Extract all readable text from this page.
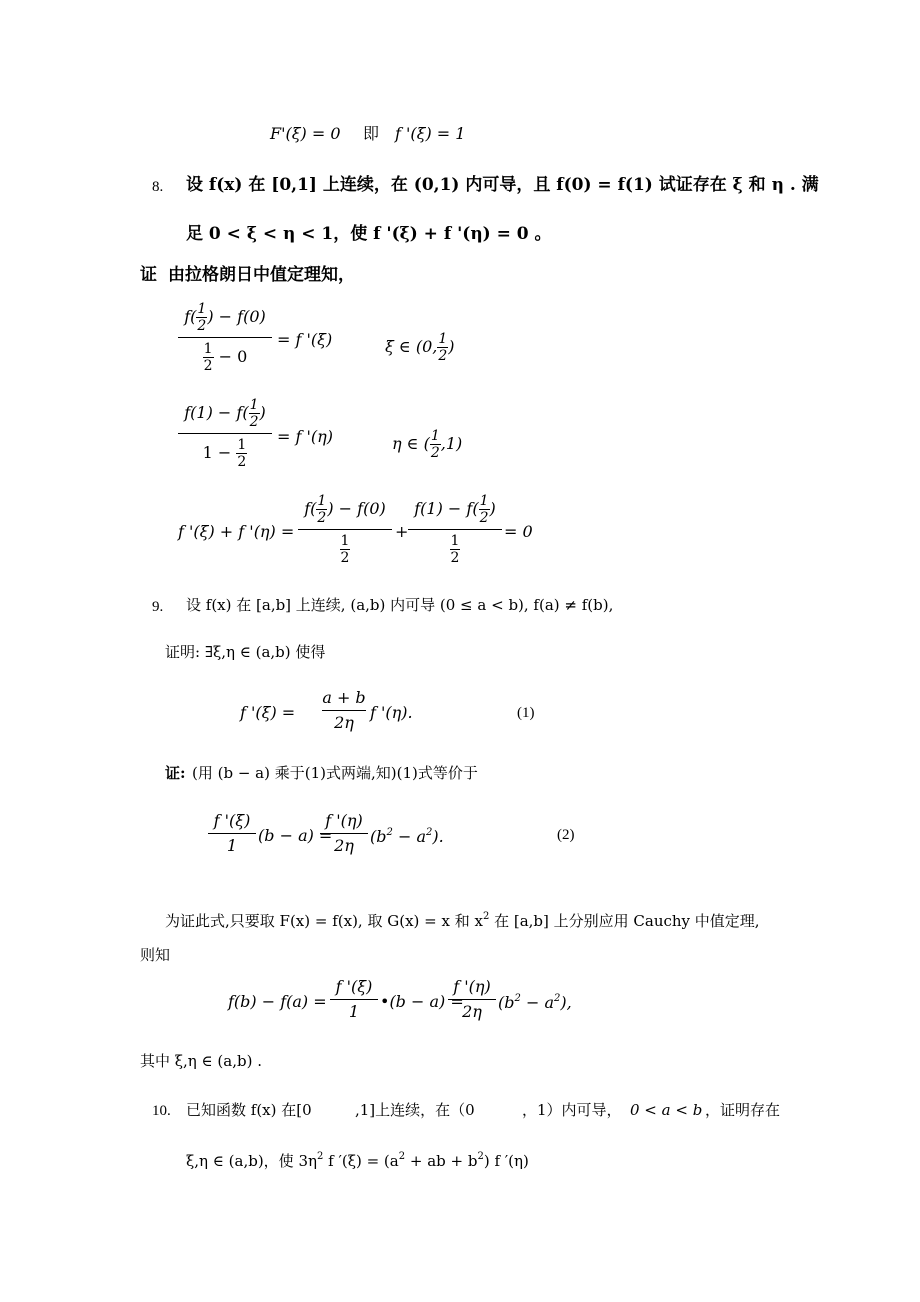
F'(ξ) = 0 即 f '(ξ) = 1
8. 设 f(x) 在 [0,1] 上连续，在 (0,1) 内可导，且 f(0) = f(1) 试证存在 ξ 和 η . 满
足 0 < ξ < η < 1，使 f '(ξ) + f '(η) = 0 。
证 由拉格朗日中值定理知，
$f( \frac{1}{2}$ ) − f(0)
$\frac{1}{2} - 0$
= f '(ξ)	ξ ∈ (0, $\frac{1}{2}$ )
$f(1) - f( \frac{1}{2}$ )
$1 - \frac{1}{2}$
= f '(η)	η ∈ ( $\frac{1}{2} ,1$)
f '(ξ) + f '(η) =
$f( \frac{1}{2}$ ) − f(0)
$\frac{1}{2}$
+
$f(1) - f( \frac{1}{2}$ )
$\frac{1}{2}$
= 0
9. 设 f(x) 在 [a,b] 上连续, (a,b) 内可导 (0 ≤ a < b), f(a) ≠ f(b),
证明: ∃ξ,η ∈ (a,b) 使得
f '(ξ) =
a + b
2η
f '(η).	(1)
证: (用 (b − a) 乘于(1)式两端,知)(1)式等价于
f '(ξ)
1
(b − a) =
f '(η)
2η	$(b^2 - a^2)$.	(2)
为证此式,只要取 F(x) = f(x), 取 G(x) = x 和 $x^2$ 在 [a,b] 上分别应用 Cauchy 中值定理,
则知
f(b) − f(a) =
f '(ξ)
1
•(b − a) =
f '(η)
2η	$(b^2 - a^2)$,
其中 ξ,η ∈ (a,b) .
10. 已知函数 f(x) 在[0	,1]上连续，在（0	，1）内可导， 0 < a < b ，证明存在
ξ,η ∈ (a,b)，使 $3\eta^2$ f $'(\xi) = (a^2$ + ab + $b^2$) f ′(η)
